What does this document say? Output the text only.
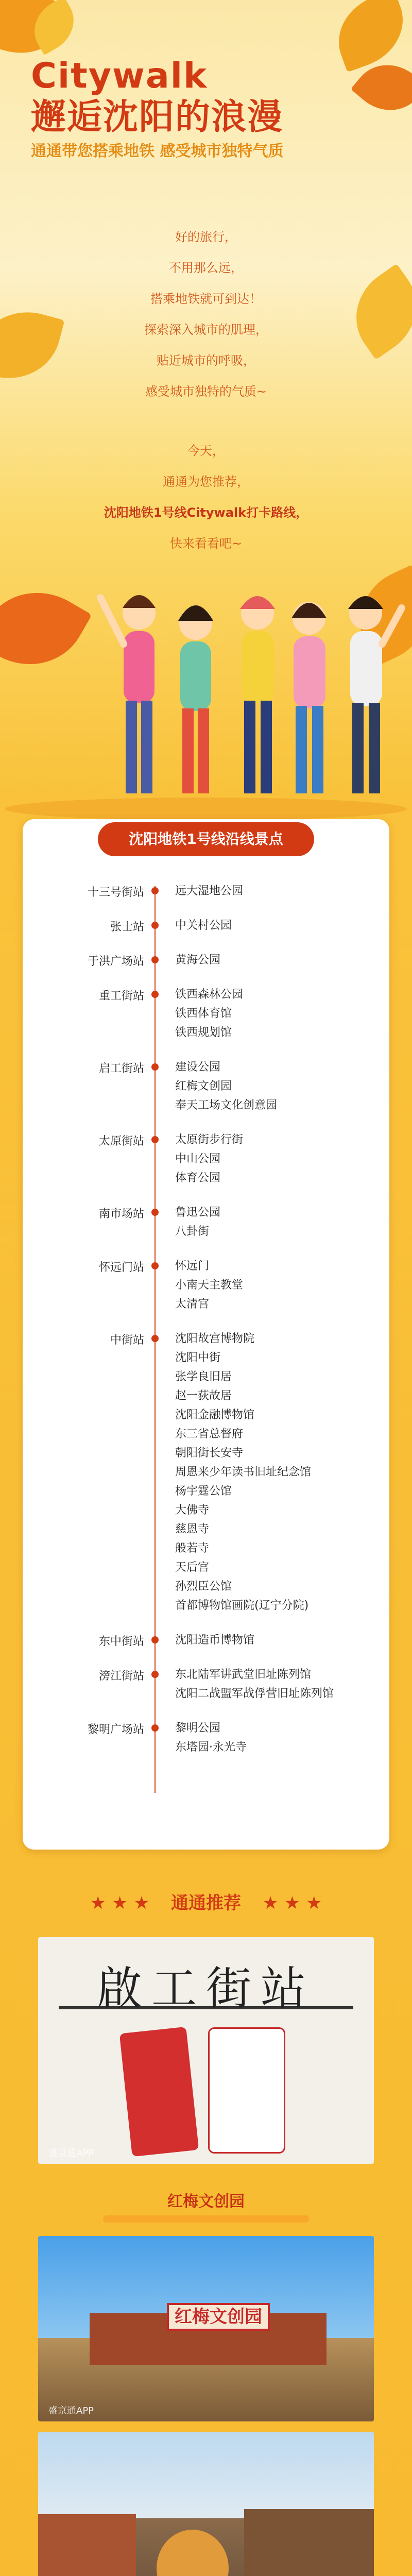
Citywalk
邂逅沈阳的浪漫
通通带您搭乘地铁 感受城市独特气质
好的旅行，
不用那么远，
搭乘地铁就可到达！
探索深入城市的肌理，
贴近城市的呼吸，
感受城市独特的气质~
今天，
通通为您推荐，
沈阳地铁1号线Citywalk打卡路线，
快来看看吧~
沈阳地铁1号线沿线景点
★ ★ ★ 通通推荐 ★ ★ ★
啟工街站
盛京通APP
红梅文创园
红梅文创园
盛京通APP
十三号街站	远大湿地公园
张士站	中关村公园
于洪广场站	黄海公园
重工街站	铁西森林公园
铁西体育馆
铁西规划馆
启工街站	建设公园
红梅文创园
奉天工场文化创意园
太原街站	太原街步行街
中山公园
体育公园
南市场站	鲁迅公园
八卦街
怀远门站	怀远门
小南天主教堂
太清宫
中街站	沈阳故宫博物院
沈阳中街
张学良旧居
赵一荻故居
沈阳金融博物馆
东三省总督府
朝阳街长安寺
周恩来少年读书旧址纪念馆
杨宇霆公馆
大佛寺
慈恩寺
般若寺
天后宫
孙烈臣公馆
首都博物馆画院(辽宁分院)
东中街站	沈阳造币博物馆
滂江街站	东北陆军讲武堂旧址陈列馆
沈阳二战盟军战俘营旧址陈列馆
黎明广场站	黎明公园
东塔园·永光寺
